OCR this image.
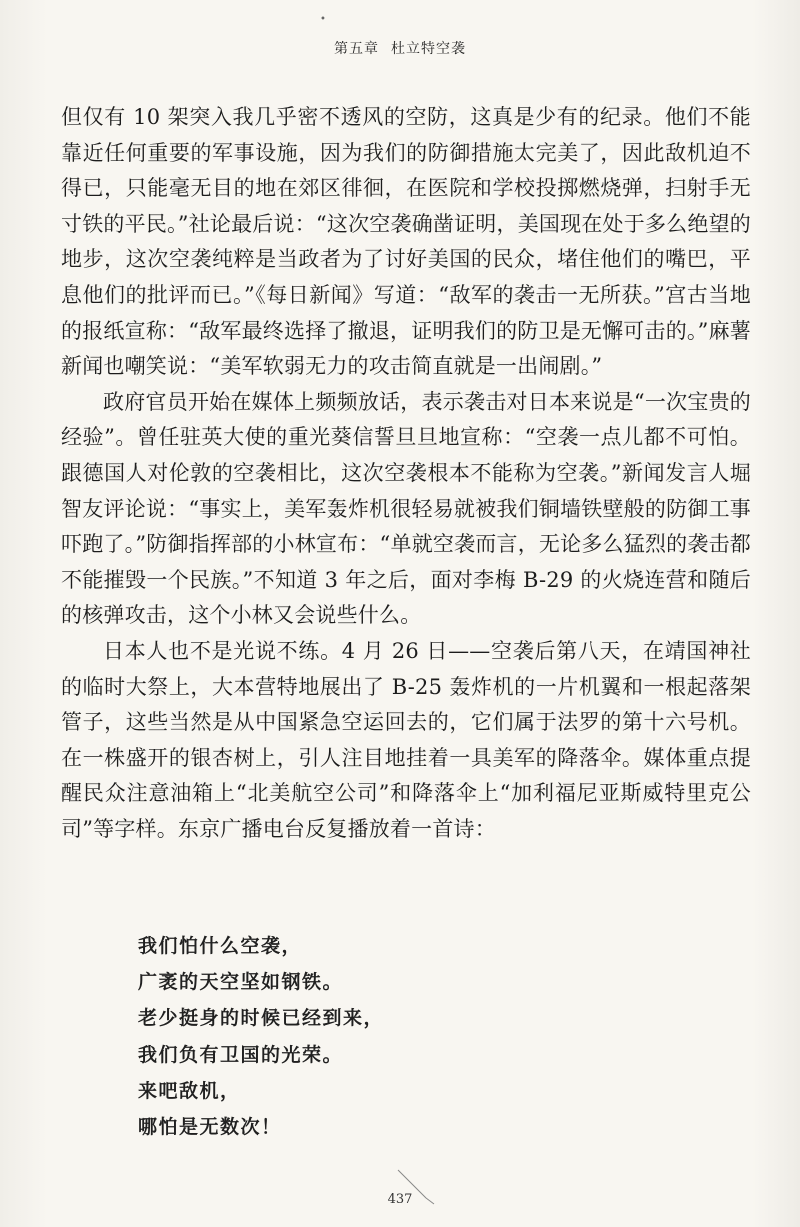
•
第五章 杜立特空袭

但仅有 10 架突入我几乎密不透风的空防，这真是少有的纪录。他们不能靠近任何重要的军事设施，因为我们的防御措施太完美了，因此敌机迫不得已，只能毫无目的地在郊区徘徊，在医院和学校投掷燃烧弹，扫射手无寸铁的平民。”社论最后说：“这次空袭确凿证明，美国现在处于多么绝望的地步，这次空袭纯粹是当政者为了讨好美国的民众，堵住他们的嘴巴，平息他们的批评而已。”《每日新闻》写道：“敌军的袭击一无所获。”宫古当地的报纸宣称：“敌军最终选择了撤退，证明我们的防卫是无懈可击的。”麻薯新闻也嘲笑说：“美军软弱无力的攻击简直就是一出闹剧。”

政府官员开始在媒体上频频放话，表示袭击对日本来说是“一次宝贵的经验”。曾任驻英大使的重光葵信誓旦旦地宣称：“空袭一点儿都不可怕。跟德国人对伦敦的空袭相比，这次空袭根本不能称为空袭。”新闻发言人堀智友评论说：“事实上，美军轰炸机很轻易就被我们铜墙铁壁般的防御工事吓跑了。”防御指挥部的小林宣布：“单就空袭而言，无论多么猛烈的袭击都不能摧毁一个民族。”不知道 3 年之后，面对李梅 B-29 的火烧连营和随后的核弹攻击，这个小林又会说些什么。

日本人也不是光说不练。4 月 26 日——空袭后第八天，在靖国神社的临时大祭上，大本营特地展出了 B-25 轰炸机的一片机翼和一根起落架管子，这些当然是从中国紧急空运回去的，它们属于法罗的第十六号机。在一株盛开的银杏树上，引人注目地挂着一具美军的降落伞。媒体重点提醒民众注意油箱上“北美航空公司”和降落伞上“加利福尼亚斯威特里克公司”等字样。东京广播电台反复播放着一首诗：

我们怕什么空袭，
广袤的天空坚如钢铁。
老少挺身的时候已经到来，
我们负有卫国的光荣。
来吧敌机，
哪怕是无数次！
437
